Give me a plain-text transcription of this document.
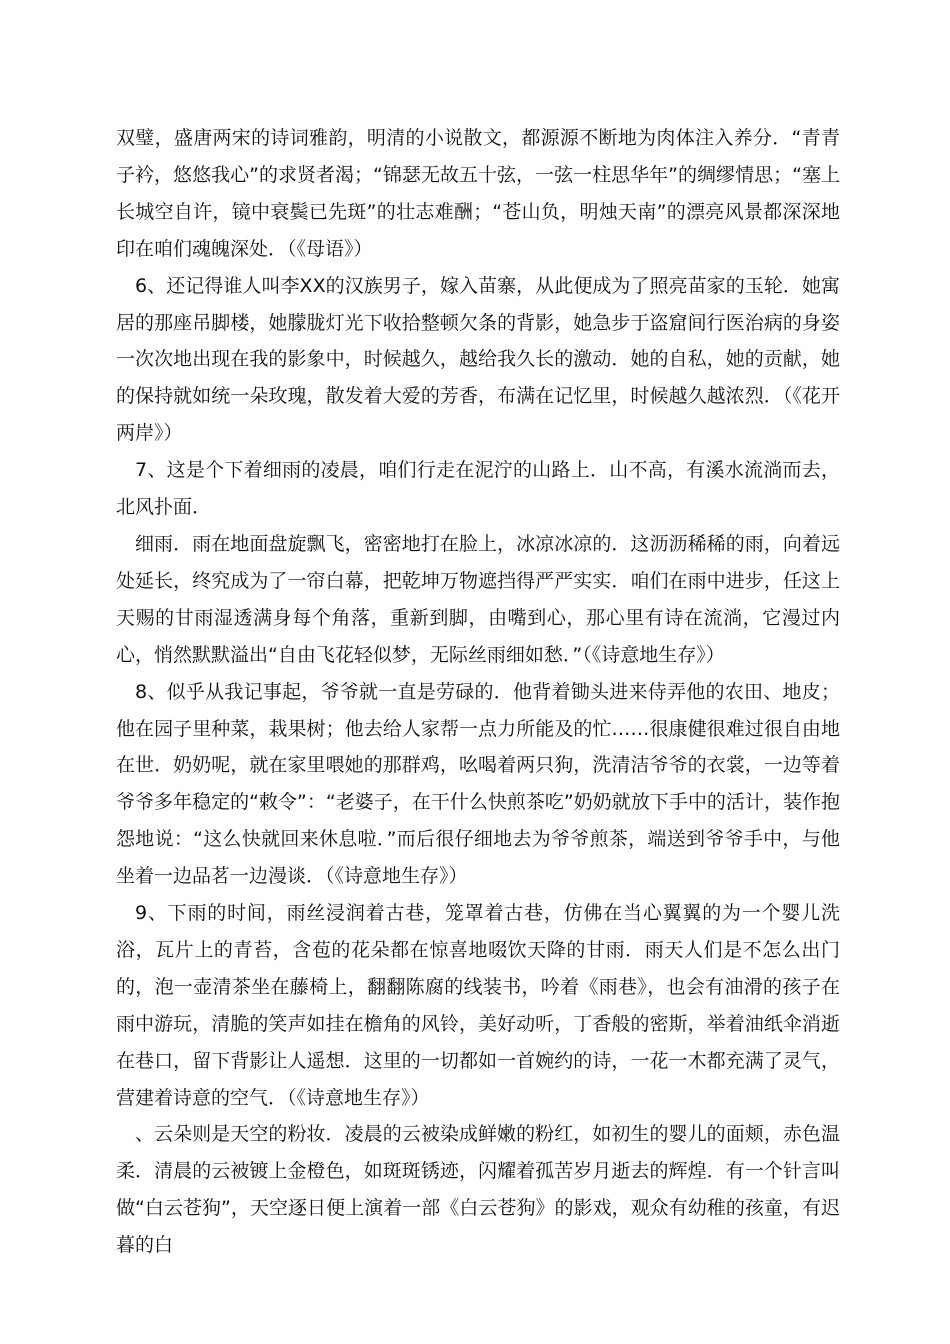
双璧，盛唐两宋的诗词雅韵，明清的小说散文，都源源不断地为肉体注入养分．“青青子衿，悠悠我心”的求贤者渴；“锦瑟无故五十弦，一弦一柱思华年”的绸缪情思；“塞上长城空自许，镜中衰鬓已先斑”的壮志难酬；“苍山负，明烛天南”的漂亮风景都深深地印在咱们魂魄深处．（《母语》）

6、还记得谁人叫李XX的汉族男子，嫁入苗寨，从此便成为了照亮苗家的玉轮．她寓居的那座吊脚楼，她朦胧灯光下收拾整顿欠条的背影，她急步于盗窟间行医治病的身姿一次次地出现在我的影象中，时候越久，越给我久长的激动．她的自私，她的贡献，她的保持就如统一朵玫瑰，散发着大爱的芳香，布满在记忆里，时候越久越浓烈．（《花开两岸》）

7、这是个下着细雨的凌晨，咱们行走在泥泞的山路上．山不高，有溪水流淌而去，北风扑面．

细雨．雨在地面盘旋飘飞，密密地打在脸上，冰凉冰凉的．这沥沥稀稀的雨，向着远处延长，终究成为了一帘白幕，把乾坤万物遮挡得严严实实．咱们在雨中进步，任这上天赐的甘雨湿透满身每个角落，重新到脚，由嘴到心，那心里有诗在流淌，它漫过内心，悄然默默溢出“自由飞花轻似梦，无际丝雨细如愁．”（《诗意地生存》）

8、似乎从我记事起，爷爷就一直是劳碌的．他背着锄头进来侍弄他的农田、地皮；他在园子里种菜，栽果树；他去给人家帮一点力所能及的忙……很康健很难过很自由地在世．奶奶呢，就在家里喂她的那群鸡，吆喝着两只狗，洗清洁爷爷的衣裳，一边等着爷爷多年稳定的“敕令”：“老婆子，在干什么快煎茶吃”奶奶就放下手中的活计，装作抱怨地说：“这么快就回来休息啦．”而后很仔细地去为爷爷煎茶，端送到爷爷手中，与他坐着一边品茗一边漫谈．（《诗意地生存》）

9、下雨的时间，雨丝浸润着古巷，笼罩着古巷，仿佛在当心翼翼的为一个婴儿洗浴，瓦片上的青苔，含苞的花朵都在惊喜地啜饮天降的甘雨．雨天人们是不怎么出门的，泡一壶清茶坐在藤椅上，翻翻陈腐的线装书，吟着《雨巷》，也会有油滑的孩子在雨中游玩，清脆的笑声如挂在檐角的风铃，美好动听，丁香般的密斯，举着油纸伞消逝在巷口，留下背影让人遥想．这里的一切都如一首婉约的诗，一花一木都充满了灵气，营建着诗意的空气．（《诗意地生存》）

、云朵则是天空的粉妆．凌晨的云被染成鲜嫩的粉红，如初生的婴儿的面颊，赤色温柔．清晨的云被镀上金橙色，如斑斑锈迹，闪耀着孤苦岁月逝去的辉煌．有一个针言叫做“白云苍狗”，天空逐日便上演着一部《白云苍狗》的影戏，观众有幼稚的孩童，有迟暮的白
